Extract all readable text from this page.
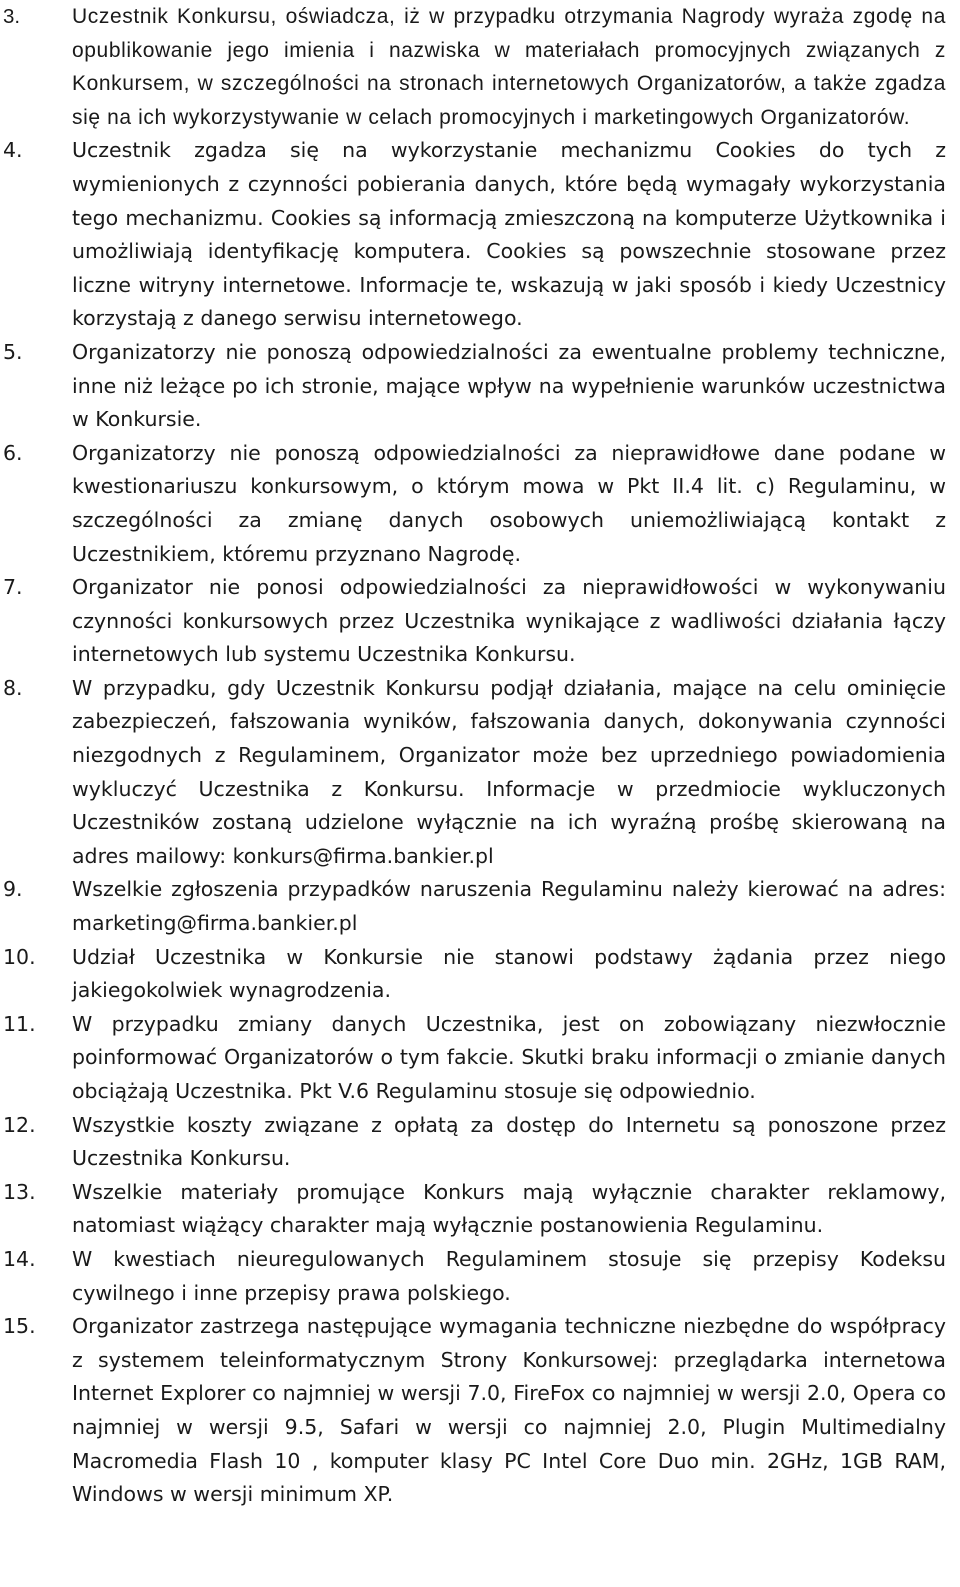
3.	Uczestnik Konkursu, oświadcza, iż w przypadku otrzymania Nagrody wyraża zgodę na opublikowanie jego imienia i nazwiska w materiałach promocyjnych związanych z Konkursem, w szczególności na stronach internetowych Organizatorów, a także zgadza się na ich wykorzystywanie w celach promocyjnych i marketingowych Organizatorów.
4.	Uczestnik zgadza się na wykorzystanie mechanizmu Cookies do tych z wymienionych z czynności pobierania danych, które będą wymagały wykorzystania tego mechanizmu. Cookies są informacją zmieszczoną na komputerze Użytkownika i umożliwiają identyfikację komputera. Cookies są powszechnie stosowane przez liczne witryny internetowe. Informacje te, wskazują w jaki sposób i kiedy Uczestnicy korzystają z danego serwisu internetowego.
5.	Organizatorzy nie ponoszą odpowiedzialności za ewentualne problemy techniczne, inne niż leżące po ich stronie, mające wpływ na wypełnienie warunków uczestnictwa w Konkursie.
6.	Organizatorzy nie ponoszą odpowiedzialności za nieprawidłowe dane podane w kwestionariuszu konkursowym, o którym mowa w Pkt II.4 lit. c) Regulaminu, w szczególności za zmianę danych osobowych uniemożliwiającą kontakt z Uczestnikiem, któremu przyznano Nagrodę.
7.	Organizator nie ponosi odpowiedzialności za nieprawidłowości w wykonywaniu czynności konkursowych przez Uczestnika wynikające z wadliwości działania łączy internetowych lub systemu Uczestnika Konkursu.
8.	W przypadku, gdy Uczestnik Konkursu podjął działania, mające na celu ominięcie zabezpieczeń, fałszowania wyników, fałszowania danych, dokonywania czynności niezgodnych z Regulaminem, Organizator może bez uprzedniego powiadomienia wykluczyć Uczestnika z Konkursu. Informacje w przedmiocie wykluczonych Uczestników zostaną udzielone wyłącznie na ich wyraźną prośbę skierowaną na adres mailowy: konkurs@firma.bankier.pl
9.	Wszelkie zgłoszenia przypadków naruszenia Regulaminu należy kierować na adres: marketing@firma.bankier.pl
10.	Udział Uczestnika w Konkursie nie stanowi podstawy żądania przez niego jakiegokolwiek wynagrodzenia.
11.	W przypadku zmiany danych Uczestnika, jest on zobowiązany niezwłocznie poinformować Organizatorów o tym fakcie. Skutki braku informacji o zmianie danych obciążają Uczestnika. Pkt V.6 Regulaminu stosuje się odpowiednio.
12.	Wszystkie koszty związane z opłatą za dostęp do Internetu są ponoszone przez Uczestnika Konkursu.
13.	Wszelkie materiały promujące Konkurs mają wyłącznie charakter reklamowy, natomiast wiążący charakter mają wyłącznie postanowienia Regulaminu.
14.	W kwestiach nieuregulowanych Regulaminem stosuje się przepisy Kodeksu cywilnego i inne przepisy prawa polskiego.
15.	Organizator zastrzega następujące wymagania techniczne niezbędne do współpracy z systemem teleinformatycznym Strony Konkursowej: przeglądarka internetowa Internet Explorer co najmniej w wersji 7.0, FireFox co najmniej w wersji 2.0, Opera co najmniej w wersji 9.5, Safari w wersji co najmniej 2.0, Plugin Multimedialny Macromedia Flash 10 , komputer klasy PC Intel Core Duo min. 2GHz, 1GB RAM, Windows w wersji minimum XP.
